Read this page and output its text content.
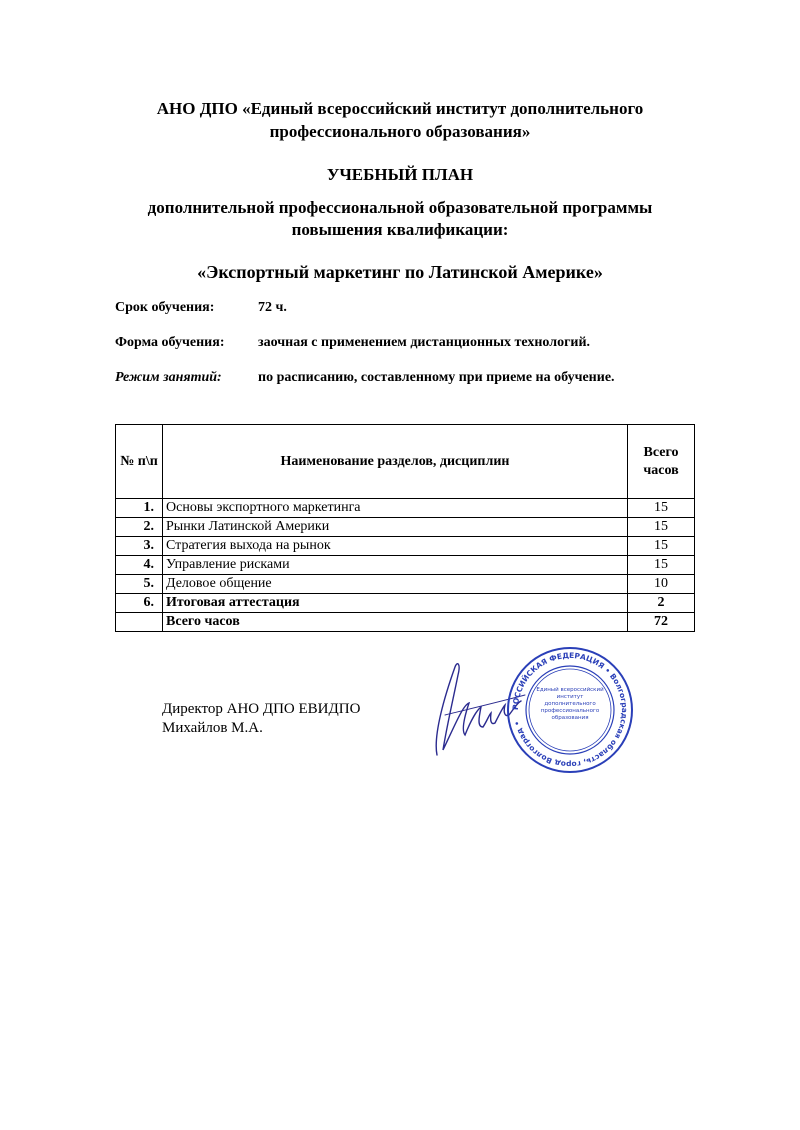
АНО ДПО «Единый всероссийский институт дополнительного
профессионального образования»
УЧЕБНЫЙ ПЛАН
дополнительной профессиональной образовательной программы
повышения квалификации:
«Экспортный маркетинг по Латинской Америке»
Срок обучения:	72 ч.
Форма обучения: заочная с применением дистанционных технологий.
Режим занятий:	по расписанию, составленному при приеме на обучение.
№ п\п	Наименование разделов, дисциплин	Всего
часов

1.	Основы экспортного маркетинга	15
2.	Рынки Латинской Америки	15
3.	Стратегия выхода на рынок	15
4.	Управление рисками	15
5.	Деловое общение	10
6.	Итоговая аттестация	2
	Всего часов	72
Директор АНО ДПО ЕВИДПО
Михайлов М.А.
РОССИЙСКАЯ ФЕДЕРАЦИЯ • Волгоградская область, город Волгоград •
Единый всероссийский институт дополнительного профессионального образования
